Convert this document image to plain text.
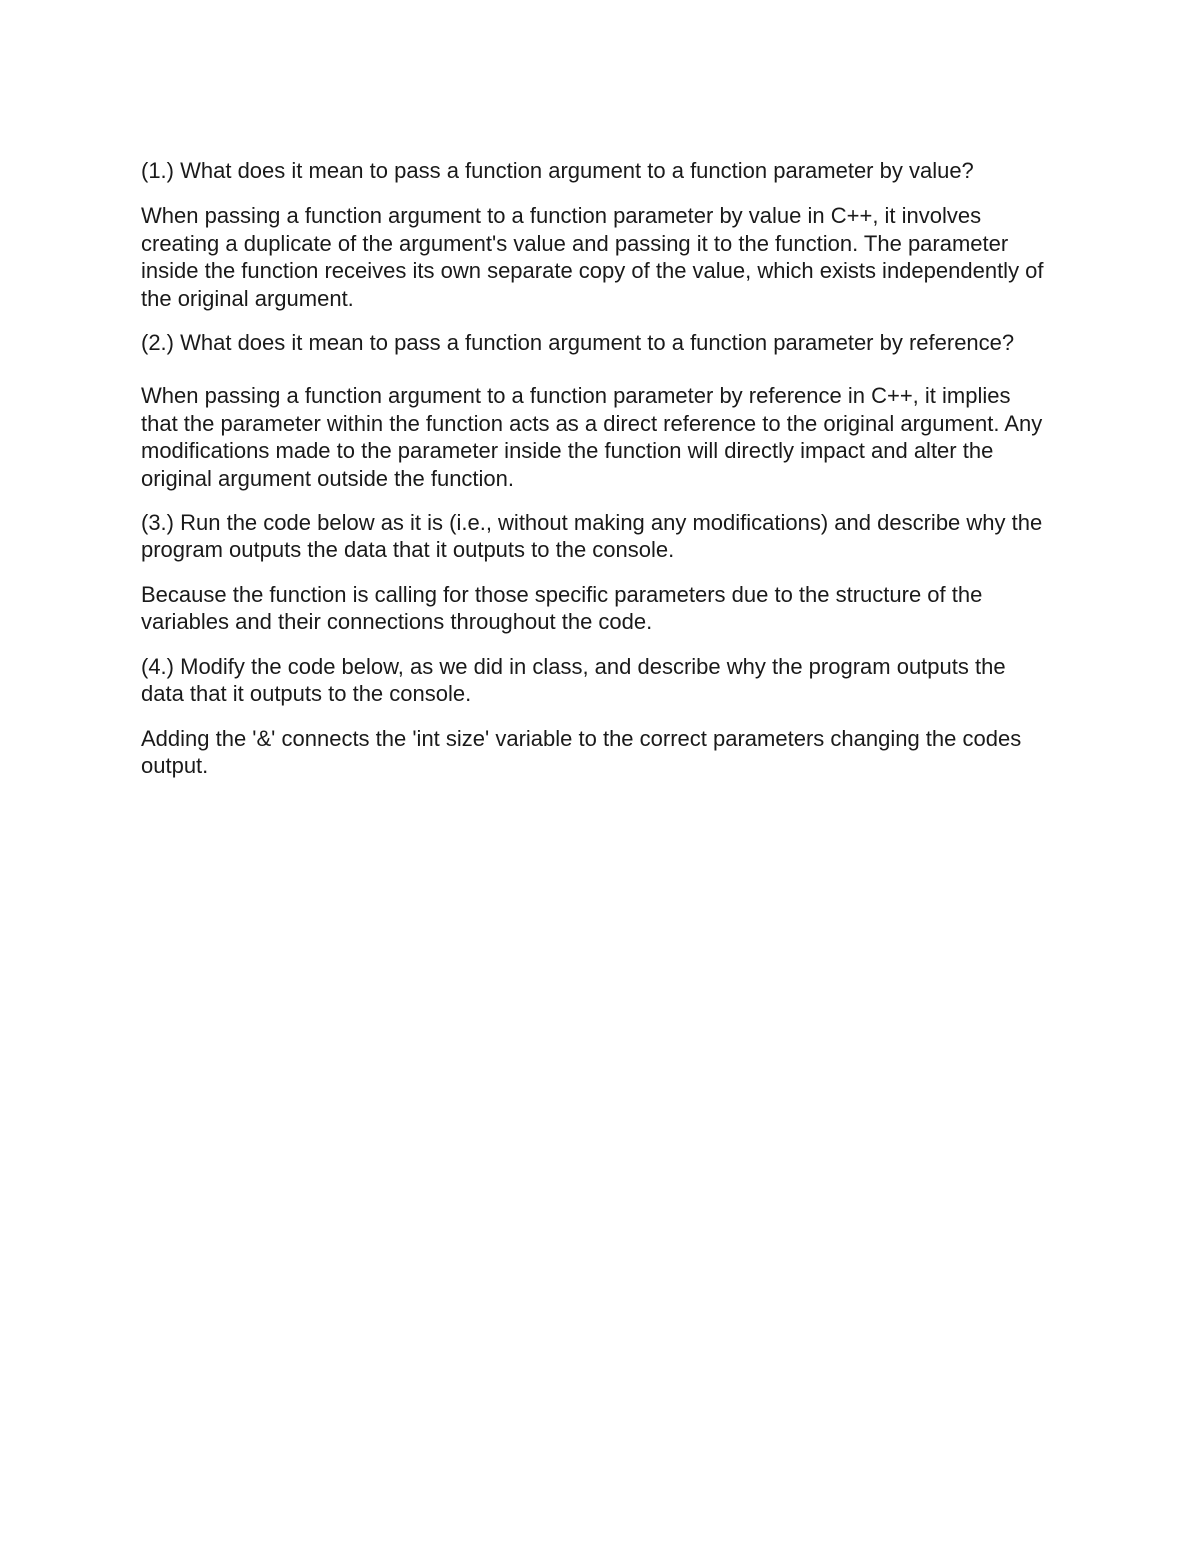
(1.) What does it mean to pass a function argument to a function parameter by value?

When passing a function argument to a function parameter by value in C++, it involves creating a duplicate of the argument's value and passing it to the function. The parameter inside the function receives its own separate copy of the value, which exists independently of the original argument.

(2.) What does it mean to pass a function argument to a function parameter by reference?

When passing a function argument to a function parameter by reference in C++, it implies that the parameter within the function acts as a direct reference to the original argument. Any modifications made to the parameter inside the function will directly impact and alter the original argument outside the function.

(3.) Run the code below as it is (i.e., without making any modifications) and describe why the program outputs the data that it outputs to the console.

Because the function is calling for those specific parameters due to the structure of the variables and their connections throughout the code.

(4.) Modify the code below, as we did in class, and describe why the program outputs the data that it outputs to the console.

Adding the '&' connects the 'int size' variable to the correct parameters changing the codes output.
